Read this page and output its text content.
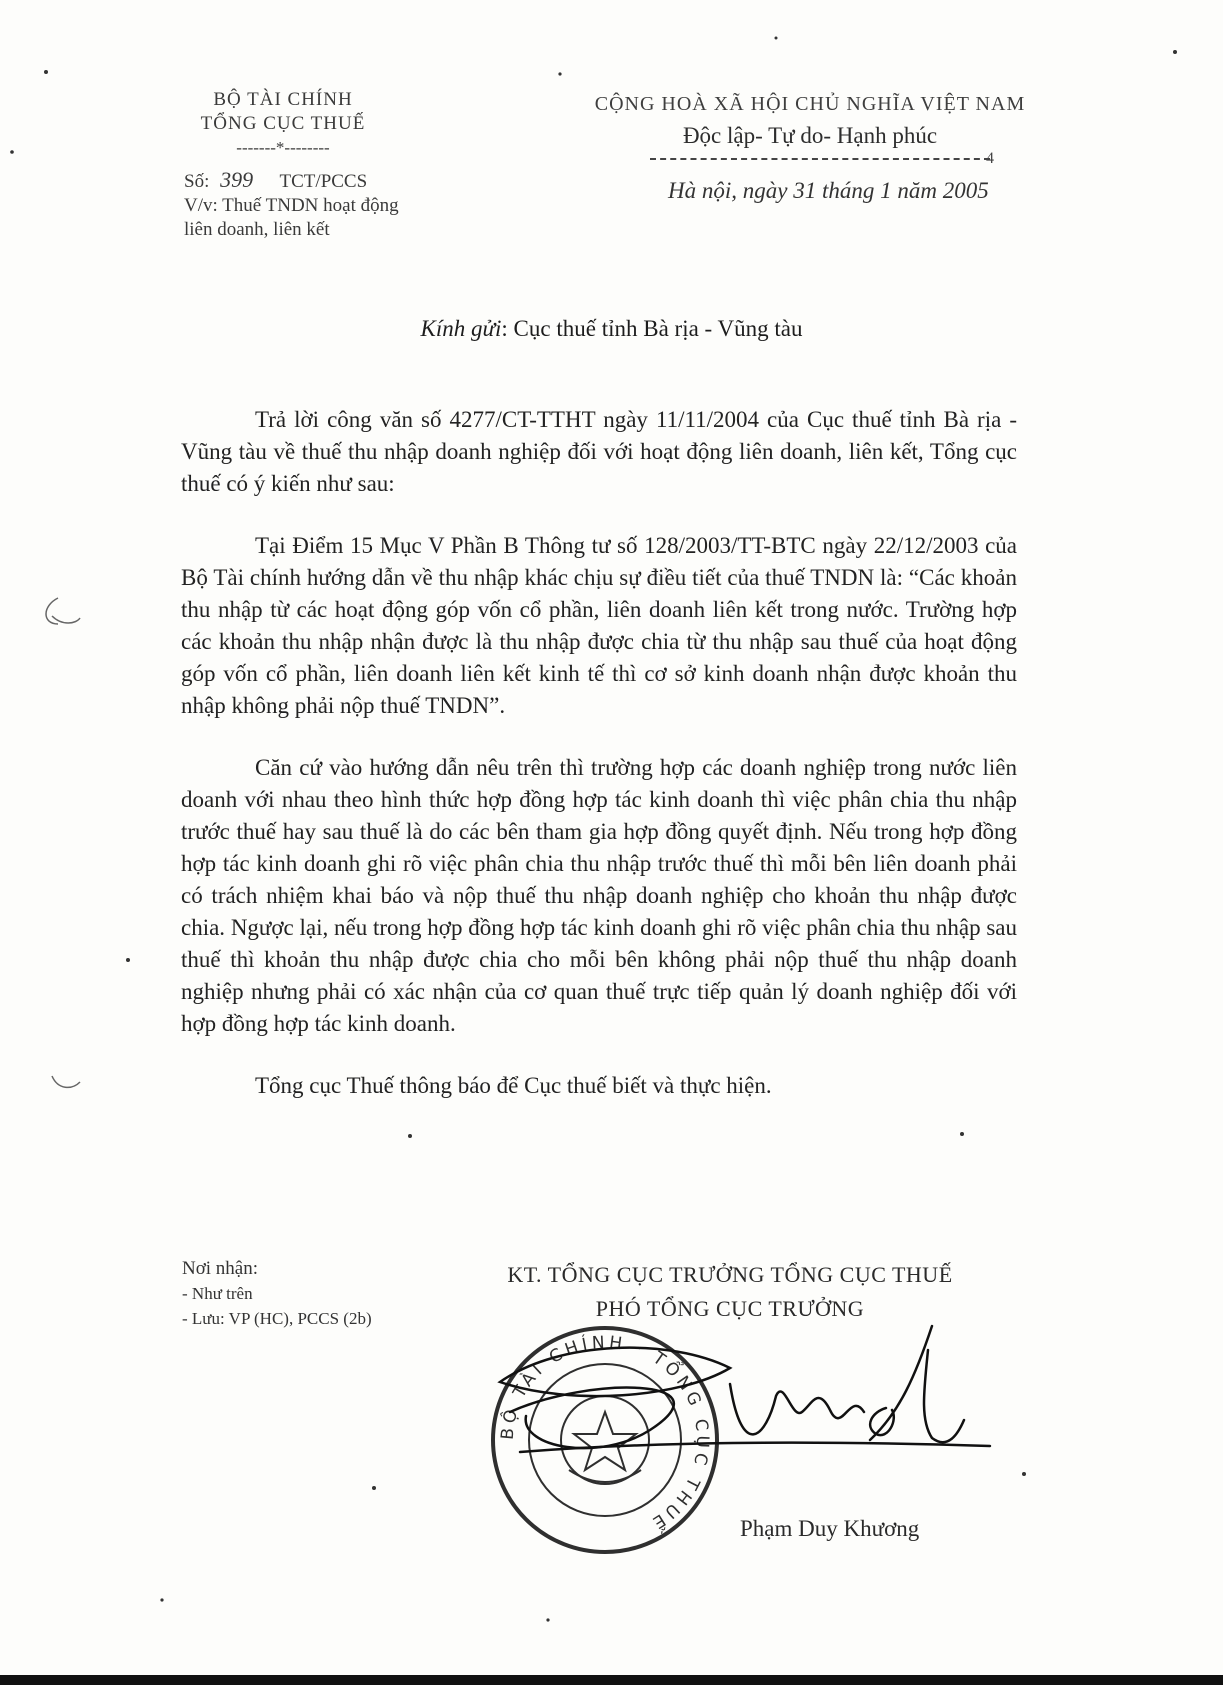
BỘ TÀI CHÍNH
TỔNG CỤC THUẾ
-------*--------
Số: 399 TCT/PCCS
V/v: Thuế TNDN hoạt động
liên doanh, liên kết
CỘNG HOÀ XÃ HỘI CHỦ NGHĨA VIỆT NAM
Độc lập- Tự do- Hạnh phúc
4
Hà nội, ngày 31 tháng 1 năm 2005
Kính gửi: Cục thuế tỉnh Bà rịa - Vũng tàu

Trả lời công văn số 4277/CT-TTHT ngày 11/11/2004 của Cục thuế tỉnh Bà rịa - Vũng tàu về thuế thu nhập doanh nghiệp đối với hoạt động liên doanh, liên kết, Tổng cục thuế có ý kiến như sau:

Tại Điểm 15 Mục V Phần B Thông tư số 128/2003/TT-BTC ngày 22/12/2003 của Bộ Tài chính hướng dẫn về thu nhập khác chịu sự điều tiết của thuế TNDN là: “Các khoản thu nhập từ các hoạt động góp vốn cổ phần, liên doanh liên kết trong nước. Trường hợp các khoản thu nhập nhận được là thu nhập được chia từ thu nhập sau thuế của hoạt động góp vốn cổ phần, liên doanh liên kết kinh tế thì cơ sở kinh doanh nhận được khoản thu nhập không phải nộp thuế TNDN”.

Căn cứ vào hướng dẫn nêu trên thì trường hợp các doanh nghiệp trong nước liên doanh với nhau theo hình thức hợp đồng hợp tác kinh doanh thì việc phân chia thu nhập trước thuế hay sau thuế là do các bên tham gia hợp đồng quyết định. Nếu trong hợp đồng hợp tác kinh doanh ghi rõ việc phân chia thu nhập trước thuế thì mỗi bên liên doanh phải có trách nhiệm khai báo và nộp thuế thu nhập doanh nghiệp cho khoản thu nhập được chia. Ngược lại, nếu trong hợp đồng hợp tác kinh doanh ghi rõ việc phân chia thu nhập sau thuế thì khoản thu nhập được chia cho mỗi bên không phải nộp thuế thu nhập doanh nghiệp nhưng phải có xác nhận của cơ quan thuế trực tiếp quản lý doanh nghiệp đối với hợp đồng hợp tác kinh doanh.

Tổng cục Thuế thông báo để Cục thuế biết và thực hiện.

Nơi nhận:
- Như trên
- Lưu: VP (HC), PCCS (2b)
KT. TỔNG CỤC TRƯỞNG TỔNG CỤC THUẾ
PHÓ TỔNG CỤC TRƯỞNG
BỘ TÀI CHÍNH · TỔNG CỤC THUẾ	Phạm Duy Khương
